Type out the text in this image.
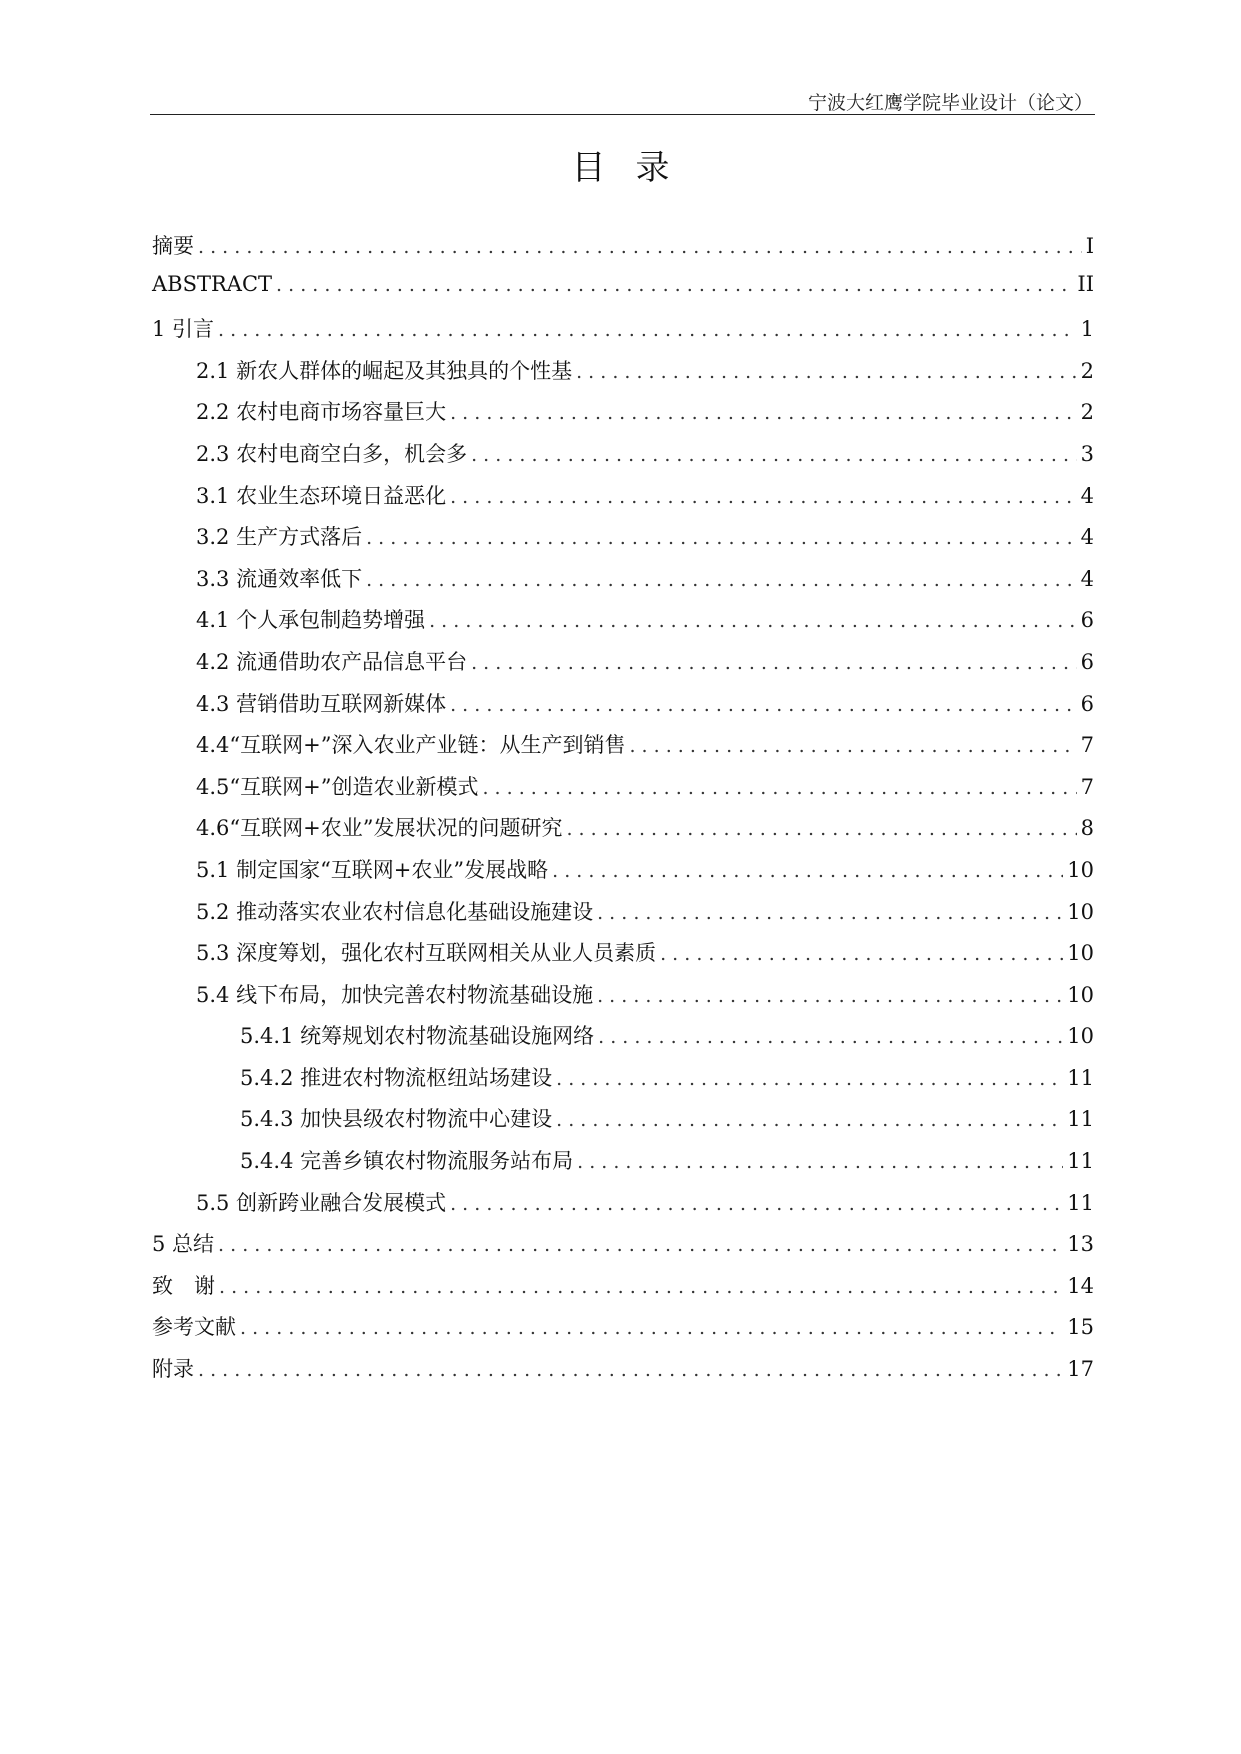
宁波大红鹰学院毕业设计（论文）
目录
摘要 . . .	I
ABSTRACT . . .	II
1 引言 . . .	1
2.1 新农人群体的崛起及其独具的个性基 . . .	2
2.2 农村电商市场容量巨大 . . .	2
2.3 农村电商空白多，机会多 . . .	3
3.1 农业生态环境日益恶化 . . .	4
3.2 生产方式落后 . . .	4
3.3 流通效率低下 . . .	4
4.1 个人承包制趋势增强 . . .	6
4.2 流通借助农产品信息平台 . . .	6
4.3 营销借助互联网新媒体 . . .	6
4.4“互联网+”深入农业产业链：从生产到销售 . . .	7
4.5“互联网+”创造农业新模式 . . .	7
4.6“互联网+农业”发展状况的问题研究 . . .	8
5.1 制定国家“互联网+农业”发展战略 . . .	10
5.2 推动落实农业农村信息化基础设施建设 . . .	10
5.3 深度筹划，强化农村互联网相关从业人员素质 . . .	10
5.4 线下布局，加快完善农村物流基础设施 . . .	10
5.4.1 统筹规划农村物流基础设施网络 . . .	10
5.4.2 推进农村物流枢纽站场建设 . . .	11
5.4.3 加快县级农村物流中心建设 . . .	11
5.4.4 完善乡镇农村物流服务站布局 . . .	11
5.5 创新跨业融合发展模式 . . .	11
5 总结 . . .	13
致　谢 . . .	14
参考文献 . . .	15
附录 . . .	17
